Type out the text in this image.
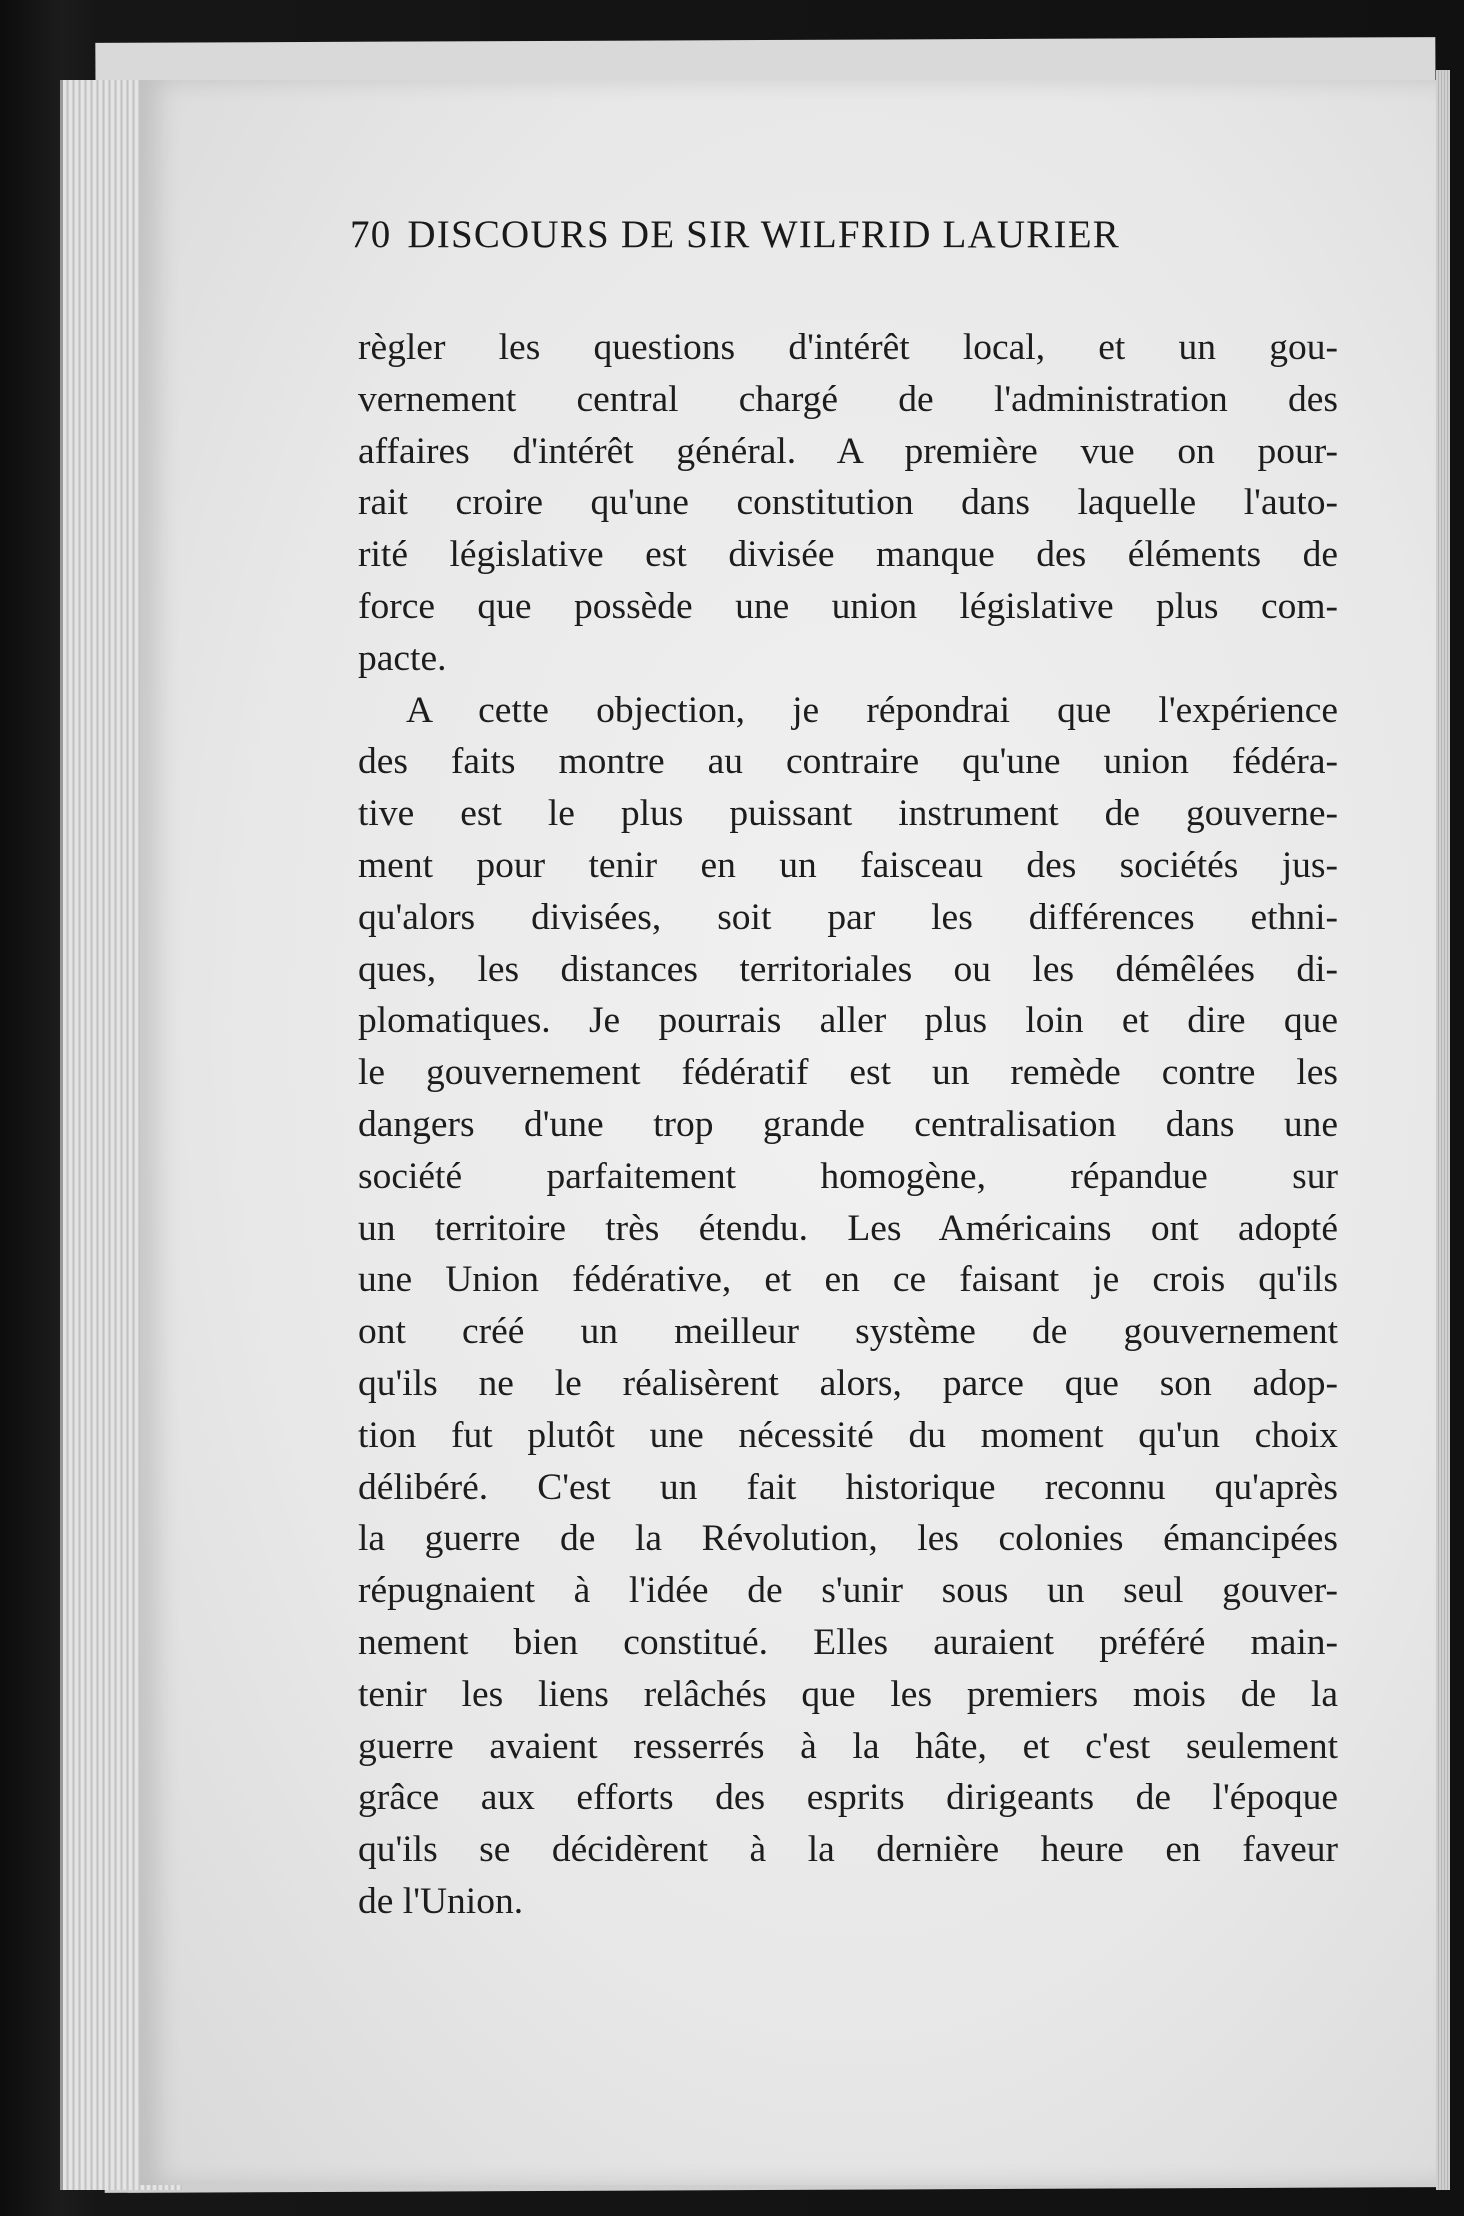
70 DISCOURS DE SIR WILFRID LAURIER
règler les questions d'intérêt local, et un gou-
vernement central chargé de l'administration des
affaires d'intérêt général. A première vue on pour-
rait croire qu'une constitution dans laquelle l'auto-
rité législative est divisée manque des éléments de
force que possède une union législative plus com-
pacte.
A cette objection, je répondrai que l'expérience
des faits montre au contraire qu'une union fédéra-
tive est le plus puissant instrument de gouverne-
ment pour tenir en un faisceau des sociétés jus-
qu'alors divisées, soit par les différences ethni-
ques, les distances territoriales ou les démêlées di-
plomatiques. Je pourrais aller plus loin et dire que
le gouvernement fédératif est un remède contre les
dangers d'une trop grande centralisation dans une
société parfaitement homogène, répandue sur
un territoire très étendu. Les Américains ont adopté
une Union fédérative, et en ce faisant je crois qu'ils
ont créé un meilleur système de gouvernement
qu'ils ne le réalisèrent alors, parce que son adop-
tion fut plutôt une nécessité du moment qu'un choix
délibéré. C'est un fait historique reconnu qu'après
la guerre de la Révolution, les colonies émancipées
répugnaient à l'idée de s'unir sous un seul gouver-
nement bien constitué. Elles auraient préféré main-
tenir les liens relâchés que les premiers mois de la
guerre avaient resserrés à la hâte, et c'est seulement
grâce aux efforts des esprits dirigeants de l'époque
qu'ils se décidèrent à la dernière heure en faveur
de l'Union.
